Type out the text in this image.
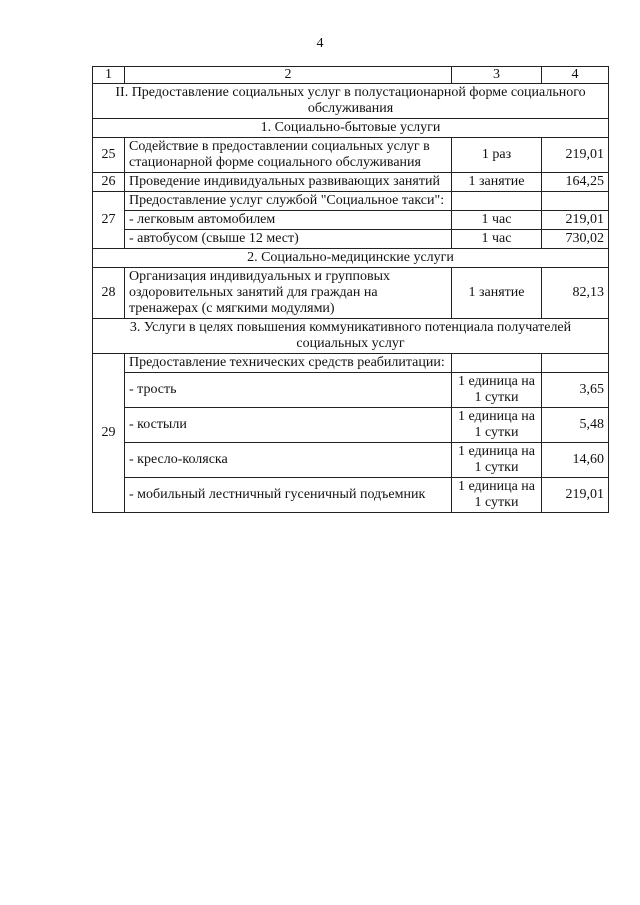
4
1	2	3	4
II. Предоставление социальных услуг в полустационарной форме социального обслуживания			
1. Социально-бытовые услуги			
25	Содействие в предоставлении социальных услуг в стационарной форме социального обслуживания	1 раз	219,01
26	Проведение индивидуальных развивающих занятий	1 занятие	164,25
27	Предоставление услуг службой "Социальное такси":		
	- легковым автомобилем	1 час	219,01
	- автобусом (свыше 12 мест)	1 час	730,02
2. Социально-медицинские услуги			
28	Организация индивидуальных и групповых оздоровительных занятий для граждан на тренажерах (с мягкими модулями)	1 занятие	82,13
3. Услуги в целях повышения коммуникативного потенциала получателей социальных услуг			
29	Предоставление технических средств реабилитации:		
	- трость	1 единица на 1 сутки	3,65
	- костыли	1 единица на 1 сутки	5,48
	- кресло-коляска	1 единица на 1 сутки	14,60
	- мобильный лестничный гусеничный подъемник	1 единица на 1 сутки	219,01
